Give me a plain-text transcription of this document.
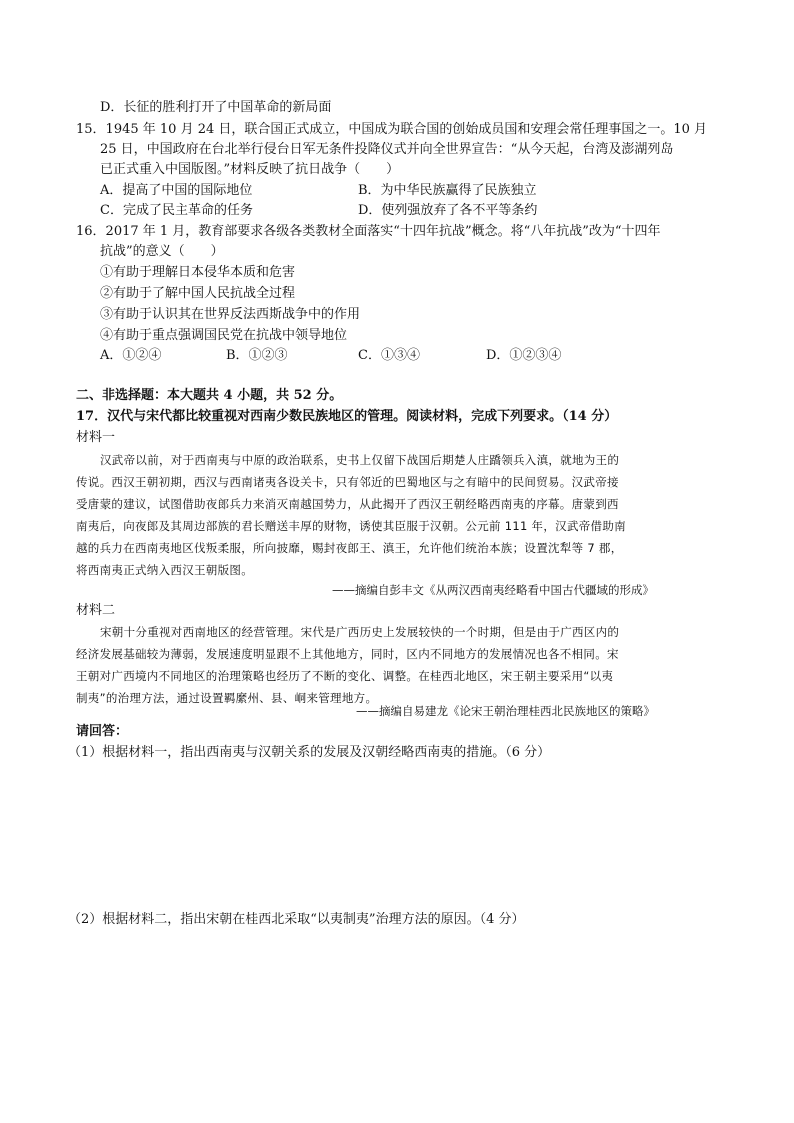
D．长征的胜利打开了中国革命的新局面
15．1945 年 10 月 24 日，联合国正式成立，中国成为联合国的创始成员国和安理会常任理事国之一。10 月
25 日，中国政府在台北举行侵台日军无条件投降仪式并向全世界宣告：“从今天起，台湾及澎湖列岛
已正式重入中国版图。”材料反映了抗日战争（　　）
A．提高了中国的国际地位	B．为中华民族赢得了民族独立
C．完成了民主革命的任务	D．使列强放弃了各不平等条约
16．2017 年 1 月，教育部要求各级各类教材全面落实“十四年抗战”概念。将“八年抗战”改为“十四年
抗战”的意义（　　）
①有助于理解日本侵华本质和危害
②有助于了解中国人民抗战全过程
③有助于认识其在世界反法西斯战争中的作用
④有助于重点强调国民党在抗战中领导地位
A．①②④	B．①②③	C．①③④	D．①②③④
二、非选择题：本大题共 4 小题，共 52 分。
17．汉代与宋代都比较重视对西南少数民族地区的管理。阅读材料，完成下列要求。（14 分）
材料一
汉武帝以前，对于西南夷与中原的政治联系，史书上仅留下战国后期楚人庄蹻领兵入滇，就地为王的
传说。西汉王朝初期，西汉与西南诸夷各设关卡，只有邻近的巴蜀地区与之有暗中的民间贸易。汉武帝接
受唐蒙的建议，试图借助夜郎兵力来消灭南越国势力，从此揭开了西汉王朝经略西南夷的序幕。唐蒙到西
南夷后，向夜郎及其周边部族的君长赠送丰厚的财物，诱使其臣服于汉朝。公元前 111 年，汉武帝借助南
越的兵力在西南夷地区伐叛柔服，所向披靡，赐封夜郎王、滇王，允许他们统治本族；设置沈犁等 7 郡，
将西南夷正式纳入西汉王朝版图。
——摘编自彭丰文《从两汉西南夷经略看中国古代疆域的形成》
材料二
宋朝十分重视对西南地区的经营管理。宋代是广西历史上发展较快的一个时期，但是由于广西区内的
经济发展基础较为薄弱，发展速度明显跟不上其他地方，同时，区内不同地方的发展情况也各不相同。宋
王朝对广西境内不同地区的治理策略也经历了不断的变化、调整。在桂西北地区，宋王朝主要采用“以夷
制夷”的治理方法，通过设置羁縻州、县、峒来管理地方。
——摘编自易建龙《论宋王朝治理桂西北民族地区的策略》
请回答：
（1）根据材料一，指出西南夷与汉朝关系的发展及汉朝经略西南夷的措施。（6 分）
（2）根据材料二，指出宋朝在桂西北采取“以夷制夷”治理方法的原因。（4 分）
